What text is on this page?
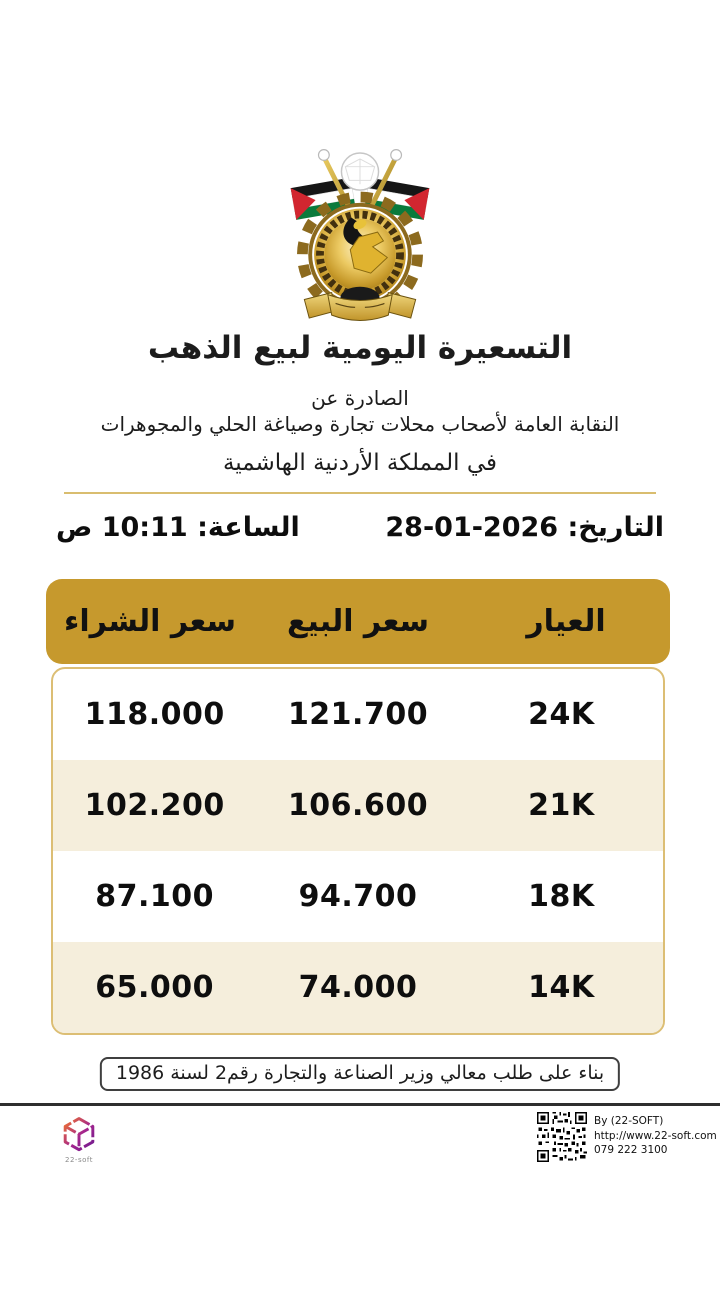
التسعيرة اليومية لبيع الذهب
الصادرة عن
النقابة العامة لأصحاب محلات تجارة وصياغة الحلي والمجوهرات
في المملكة الأردنية الهاشمية
التاريخ: 28-01-2026
الساعة: 10:11 ص
العيار
سعر البيع
سعر الشراء
24K
121.700
118.000
21K
106.600
102.200
18K
94.700
87.100
14K
74.000
65.000
بناء على طلب معالي وزير الصناعة والتجارة رقم2 لسنة 1986
22-soft
By (22-SOFT)
http://www.22-soft.com
079 222 3100
